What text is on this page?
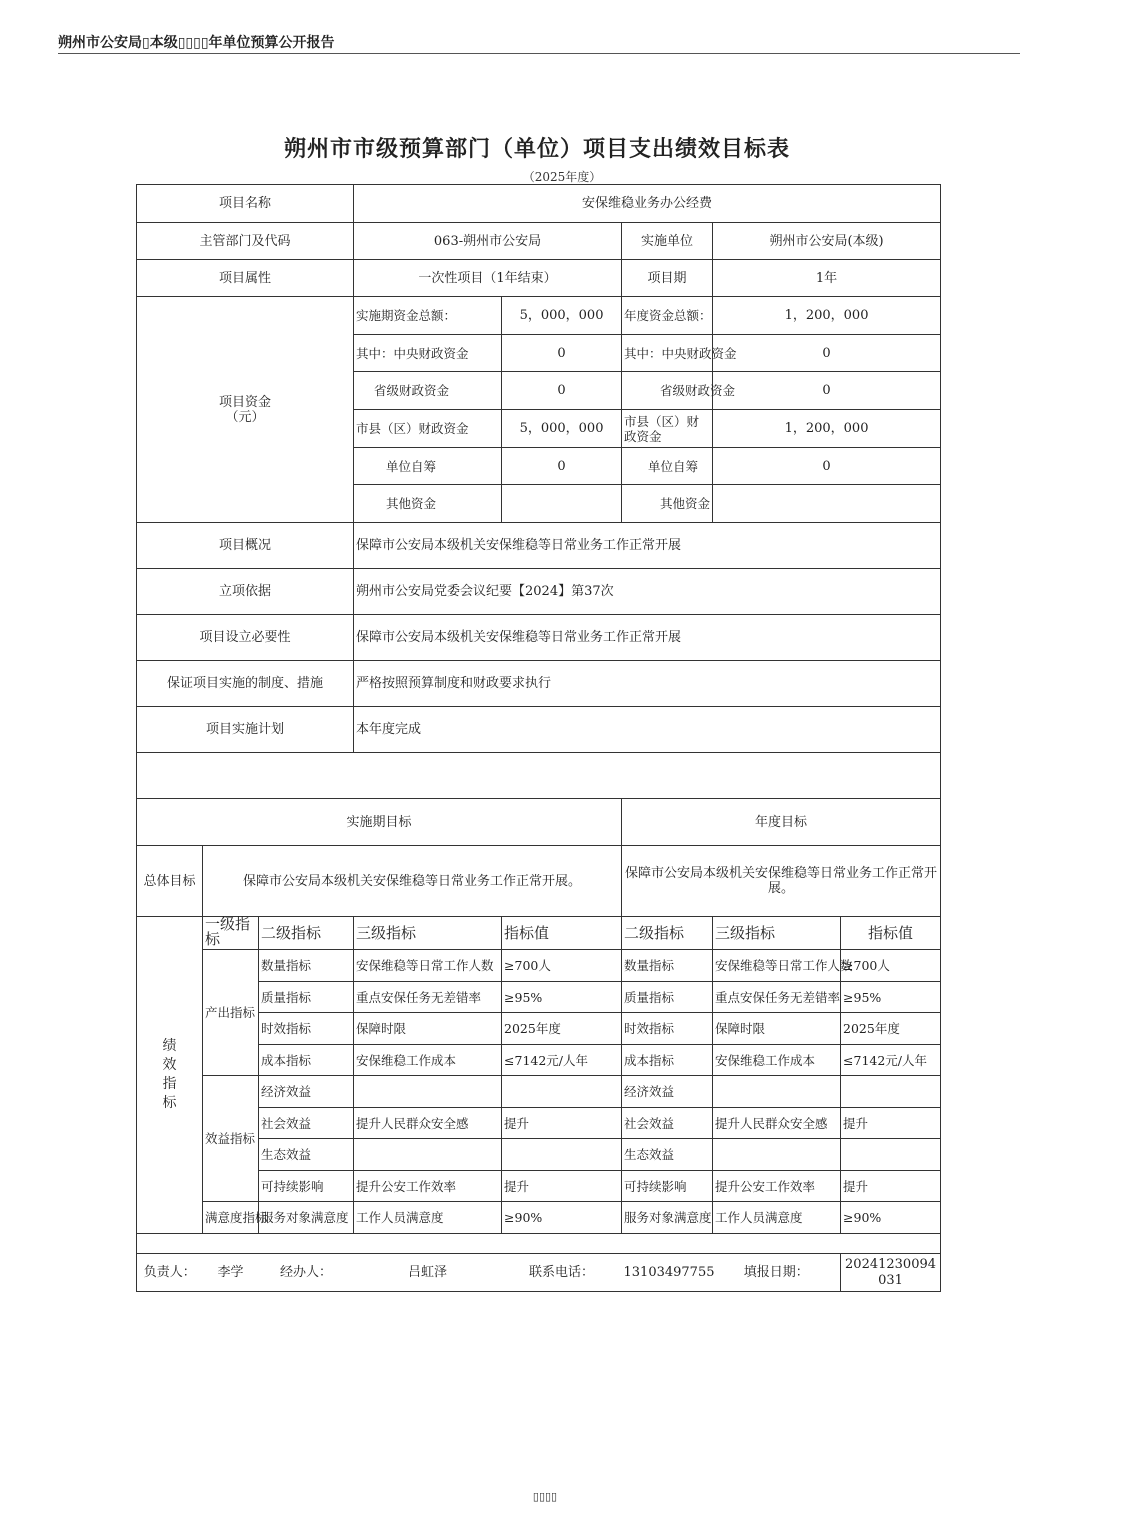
朔州市公安局▯本级▯▯▯▯年单位预算公开报告
朔州市市级预算部门（单位）项目支出绩效目标表
（2025年度）
项目名称			安保维稳业务办公经费				
主管部门及代码			063-朔州市公安局		实施单位	朔州市公安局(本级)	
项目属性			一次性项目（1年结束）		项目期	1年	
项目资金
（元）			实施期资金总额：	5，000，000	年度资金总额：	1，200，000	
			其中：中央财政资金	0	其中：中央财政资金	0	
			省级财政资金	0	省级财政资金	0	
			市县（区）财政资金	5，000，000	市县（区）财政资金	1，200，000	
			单位自筹	0	单位自筹	0	
			其他资金		其他资金		
项目概况			保障市公安局本级机关安保维稳等日常业务工作正常开展				
立项依据			朔州市公安局党委会议纪要【2024】第37次				
项目设立必要性			保障市公安局本级机关安保维稳等日常业务工作正常开展				
保证项目实施的制度、措施			严格按照预算制度和财政要求执行				
项目实施计划			本年度完成				

实施期目标					年度目标		
总体目标	保障市公安局本级机关安保维稳等日常业务工作正常开展。				保障市公安局本级机关安保维稳等日常业务工作正常开展。		

绩效指标	一级指标	二级指标	三级指标	指标值	二级指标	三级指标	指标值
	产出指标	数量指标	安保维稳等日常工作人数	≥700人	数量指标	安保维稳等日常工作人数	≥700人
		质量指标	重点安保任务无差错率	≥95%	质量指标	重点安保任务无差错率	≥95%
		时效指标	保障时限	2025年度	时效指标	保障时限	2025年度
		成本指标	安保维稳工作成本	≤7142元/人年	成本指标	安保维稳工作成本	≤7142元/人年
	效益指标	经济效益			经济效益		
		社会效益	提升人民群众安全感	提升	社会效益	提升人民群众安全感	提升
		生态效益			生态效益		
		可持续影响	提升公安工作效率	提升	可持续影响	提升公安工作效率	提升
	满意度指标	服务对象满意度	工作人员满意度	≥90%	服务对象满意度	工作人员满意度	≥90%

负责人：	李学	经办人：	吕虹泽	联系电话：	13103497755	填报日期：	20241230094031
▯▯▯▯
